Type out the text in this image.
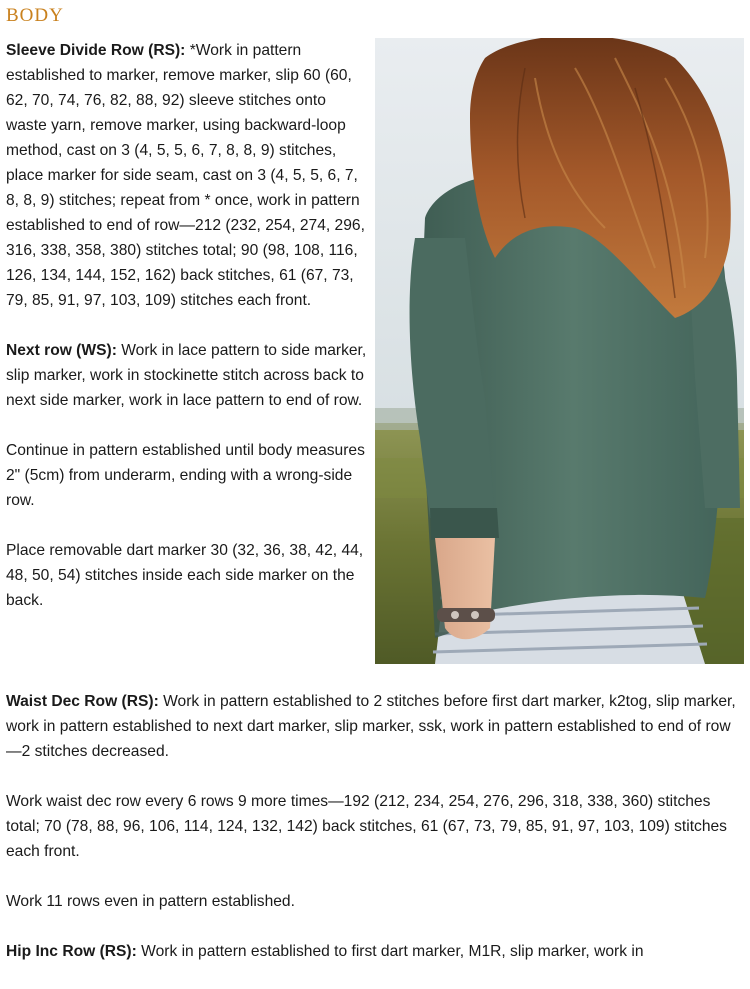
BODY

Sleeve Divide Row (RS): *Work in pattern established to marker, remove marker, slip 60 (60, 62, 70, 74, 76, 82, 88, 92) sleeve stitches onto waste yarn, remove marker, using backward-loop method, cast on 3 (4, 5, 5, 6, 7, 8, 8, 9) stitches, place marker for side seam, cast on 3 (4, 5, 5, 6, 7, 8, 8, 9) stitches; repeat from * once, work in pattern established to end of row—212 (232, 254, 274, 296, 316, 338, 358, 380) stitches total; 90 (98, 108, 116, 126, 134, 144, 152, 162) back stitches, 61 (67, 73, 79, 85, 91, 97, 103, 109) stitches each front.

Next row (WS): Work in lace pattern to side marker, slip marker, work in stockinette stitch across back to next side marker, work in lace pattern to end of row.

Continue in pattern established until body measures 2" (5cm) from underarm, ending with a wrong-side row.

Place removable dart marker 30 (32, 36, 38, 42, 44, 48, 50, 54) stitches inside each side marker on the back.

Waist Dec Row (RS): Work in pattern established to 2 stitches before first dart marker, k2tog, slip marker, work in pattern established to next dart marker, slip marker, ssk, work in pattern established to end of row—2 stitches decreased.

Work waist dec row every 6 rows 9 more times—192 (212, 234, 254, 276, 296, 318, 338, 360) stitches total; 70 (78, 88, 96, 106, 114, 124, 132, 142) back stitches, 61 (67, 73, 79, 85, 91, 97, 103, 109) stitches each front.

Work 11 rows even in pattern established.

Hip Inc Row (RS): Work in pattern established to first dart marker, M1R, slip marker, work in
